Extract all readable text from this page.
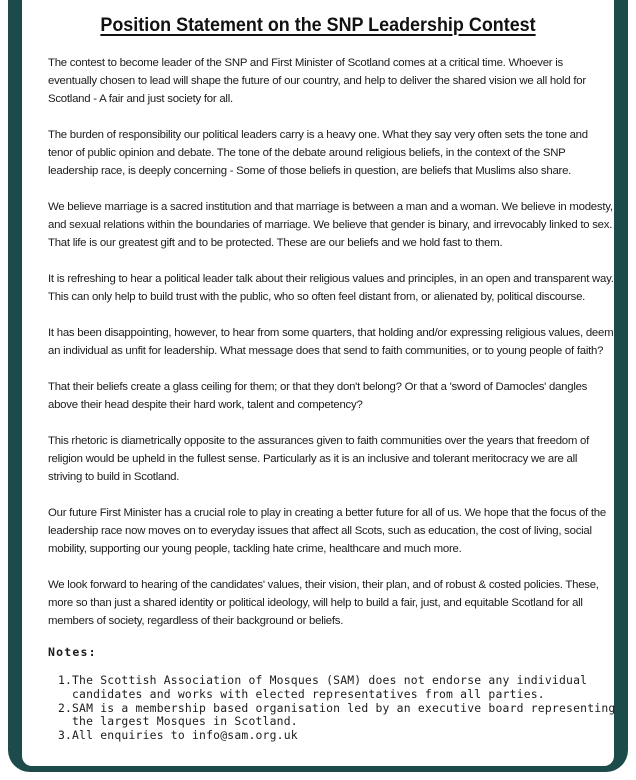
Position Statement on the SNP Leadership Contest

The contest to become leader of the SNP and First Minister of Scotland comes at a critical time. Whoever is eventually chosen to lead will shape the future of our country, and help to deliver the shared vision we all hold for Scotland - A fair and just society for all.

The burden of responsibility our political leaders carry is a heavy one. What they say very often sets the tone and tenor of public opinion and debate. The tone of the debate around religious beliefs, in the context of the SNP leadership race, is deeply concerning - Some of those beliefs in question, are beliefs that Muslims also share.

We believe marriage is a sacred institution and that marriage is between a man and a woman. We believe in modesty, and sexual relations within the boundaries of marriage. We believe that gender is binary, and irrevocably linked to sex. That life is our greatest gift and to be protected. These are our beliefs and we hold fast to them.

It is refreshing to hear a political leader talk about their religious values and principles, in an open and transparent way. This can only help to build trust with the public, who so often feel distant from, or alienated by, political discourse.

It has been disappointing, however, to hear from some quarters, that holding and/or expressing religious values, deem an individual as unfit for leadership. What message does that send to faith communities, or to young people of faith?

That their beliefs create a glass ceiling for them; or that they don't belong? Or that a 'sword of Damocles' dangles above their head despite their hard work, talent and competency?

This rhetoric is diametrically opposite to the assurances given to faith communities over the years that freedom of religion would be upheld in the fullest sense. Particularly as it is an inclusive and tolerant meritocracy we are all striving to build in Scotland.

Our future First Minister has a crucial role to play in creating a better future for all of us. We hope that the focus of the leadership race now moves on to everyday issues that affect all Scots, such as education, the cost of living, social mobility, supporting our young people, tackling hate crime, healthcare and much more.

We look forward to hearing of the candidates' values, their vision, their plan, and of robust & costed policies. These, more so than just a shared identity or political ideology, will help to build a fair, just, and equitable Scotland for all members of society, regardless of their background or beliefs.

Notes:
1. The Scottish Association of Mosques (SAM) does not endorse any individual candidates and works with elected representatives from all parties.
2. SAM is a membership based organisation led by an executive board representing the largest Mosques in Scotland.
3. All enquiries to info@sam.org.uk
